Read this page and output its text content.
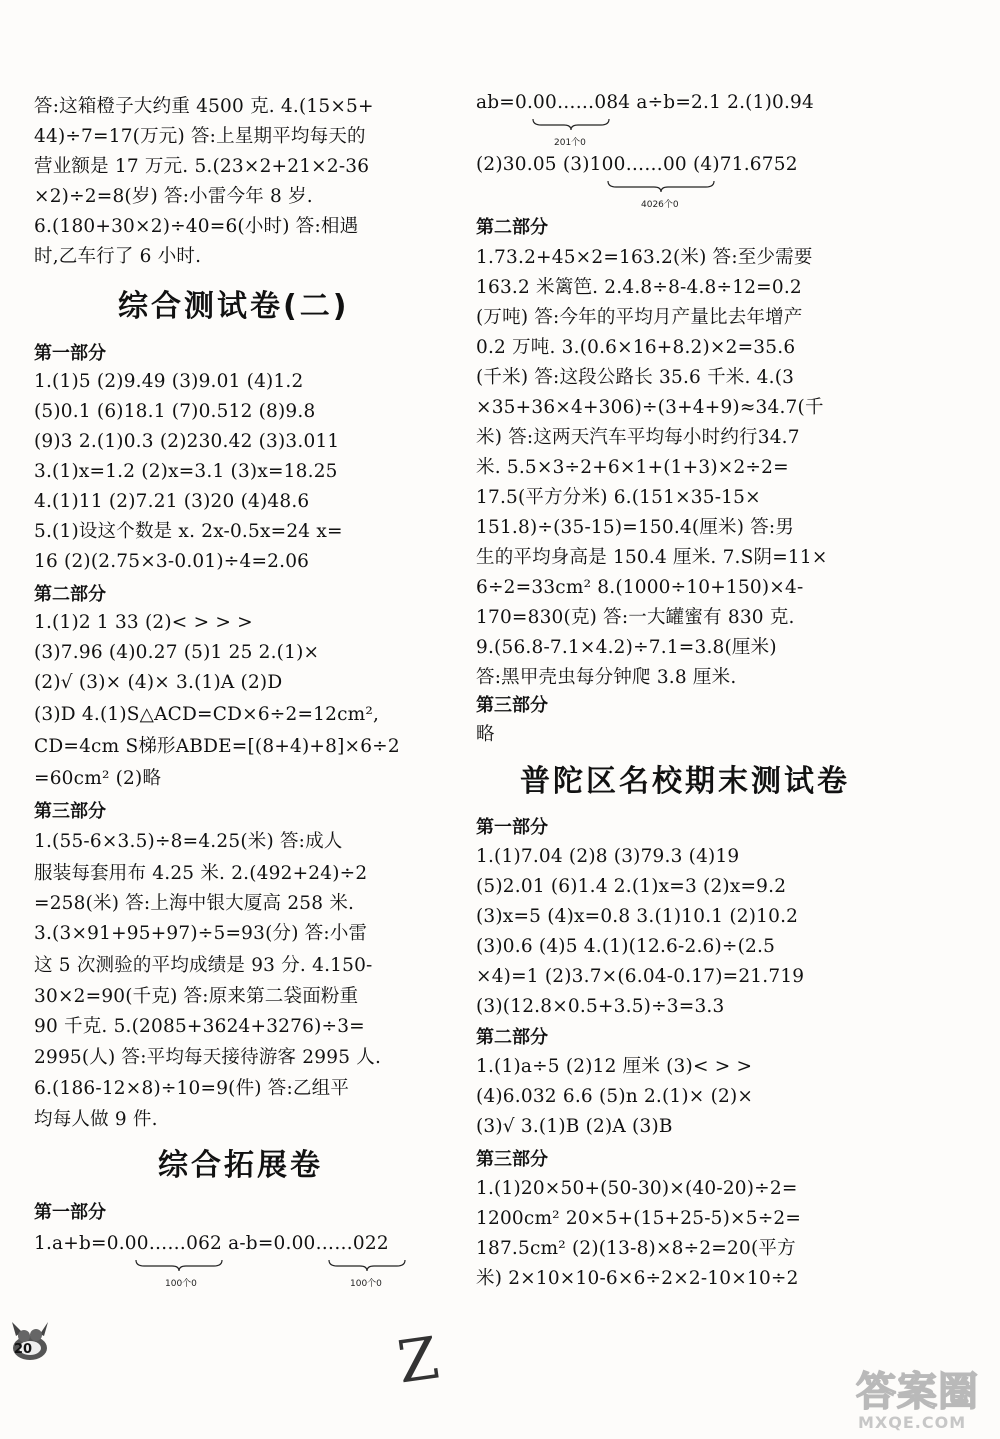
答:这箱橙子大约重 4500 克. 4.(15×5+
44)÷7=17(万元) 答:上星期平均每天的
营业额是 17 万元. 5.(23×2+21×2-36
×2)÷2=8(岁) 答:小雷今年 8 岁.
6.(180+30×2)÷40=6(小时) 答:相遇
时,乙车行了 6 小时.
综合测试卷(二)
第一部分
1.(1)5 (2)9.49 (3)9.01 (4)1.2
(5)0.1 (6)18.1 (7)0.512 (8)9.8
(9)3 2.(1)0.3 (2)230.42 (3)3.011
3.(1)x=1.2 (2)x=3.1 (3)x=18.25
4.(1)11 (2)7.21 (3)20 (4)48.6
5.(1)设这个数是 x. 2x-0.5x=24 x=
16 (2)(2.75×3-0.01)÷4=2.06
第二部分
1.(1)2 1 33 (2)< > > >
(3)7.96 (4)0.27 (5)1 25 2.(1)×
(2)√ (3)× (4)× 3.(1)A (2)D
(3)D 4.(1)S△ACD=CD×6÷2=12cm²,
CD=4cm S梯形ABDE=[(8+4)+8]×6÷2
=60cm² (2)略
第三部分
1.(55-6×3.5)÷8=4.25(米) 答:成人
服装每套用布 4.25 米. 2.(492+24)÷2
=258(米) 答:上海中银大厦高 258 米.
3.(3×91+95+97)÷5=93(分) 答:小雷
这 5 次测验的平均成绩是 93 分. 4.150-
30×2=90(千克) 答:原来第二袋面粉重
90 千克. 5.(2085+3624+3276)÷3=
2995(人) 答:平均每天接待游客 2995 人.
6.(186-12×8)÷10=9(件) 答:乙组平
均每人做 9 件.
综合拓展卷
第一部分
1.a+b=0.00……062 a-b=0.00……022
100个0	100个0
ab=0.00……084 a÷b=2.1 2.(1)0.94
201个0
(2)30.05 (3)100……00 (4)71.6752
4026个0
第二部分
1.73.2+45×2=163.2(米) 答:至少需要
163.2 米篱笆. 2.4.8÷8-4.8÷12=0.2
(万吨) 答:今年的平均月产量比去年增产
0.2 万吨. 3.(0.6×16+8.2)×2=35.6
(千米) 答:这段公路长 35.6 千米. 4.(3
×35+36×4+306)÷(3+4+9)≈34.7(千
米) 答:这两天汽车平均每小时约行34.7
米. 5.5×3÷2+6×1+(1+3)×2÷2=
17.5(平方分米) 6.(151×35-15×
151.8)÷(35-15)=150.4(厘米) 答:男
生的平均身高是 150.4 厘米. 7.S阴=11×
6÷2=33cm² 8.(1000÷10+150)×4-
170=830(克) 答:一大罐蜜有 830 克.
9.(56.8-7.1×4.2)÷7.1=3.8(厘米)
答:黑甲壳虫每分钟爬 3.8 厘米.
第三部分
略
普陀区名校期末测试卷
第一部分
1.(1)7.04 (2)8 (3)79.3 (4)19
(5)2.01 (6)1.4 2.(1)x=3 (2)x=9.2
(3)x=5 (4)x=0.8 3.(1)10.1 (2)10.2
(3)0.6 (4)5 4.(1)(12.6-2.6)÷(2.5
×4)=1 (2)3.7×(6.04-0.17)=21.719
(3)(12.8×0.5+3.5)÷3=3.3
第二部分
1.(1)a÷5 (2)12 厘米 (3)< > >
(4)6.032 6.6 (5)n 2.(1)× (2)×
(3)√ 3.(1)B (2)A (3)B
第三部分
1.(1)20×50+(50-30)×(40-20)÷2=
1200cm² 20×5+(15+25-5)×5÷2=
187.5cm² (2)(13-8)×8÷2=20(平方
米) 2×10×10-6×6÷2×2-10×10÷2
20	Z	答案圈
MXQE.COM
